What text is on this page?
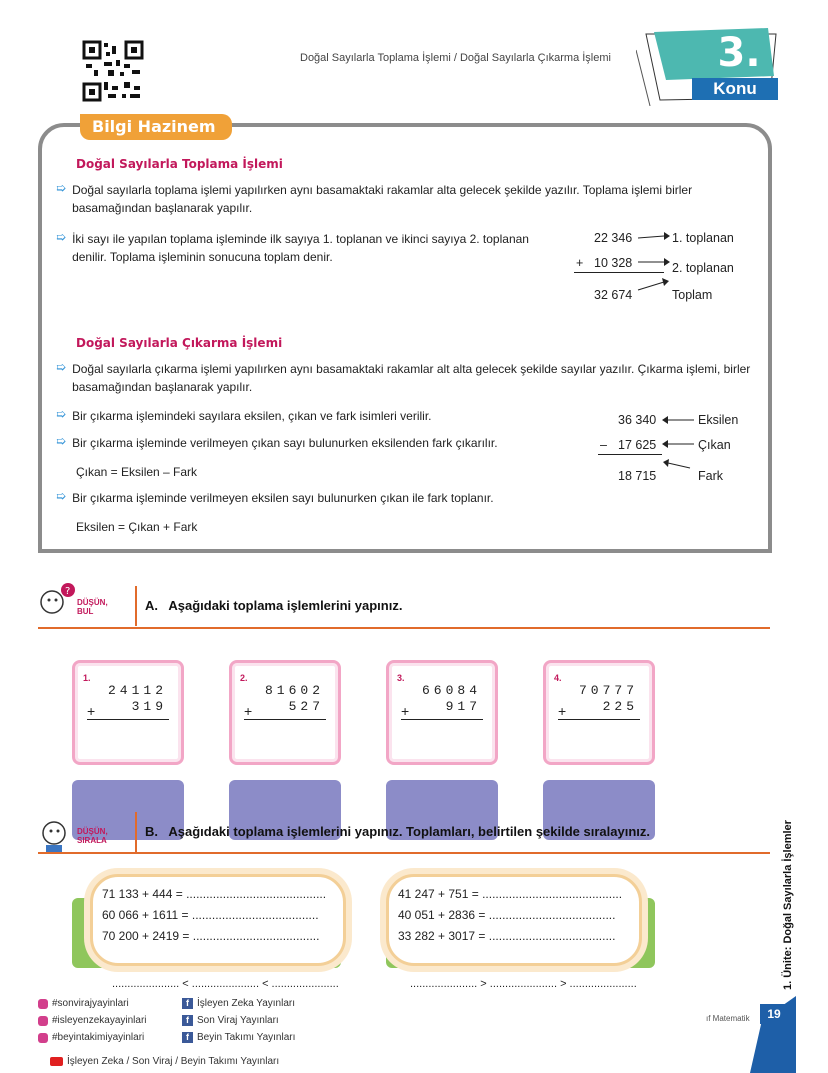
Doğal Sayılarla Toplama İşlemi / Doğal Sayılarla Çıkarma İşlemi	3.
Konu
Bilgi Hazinem
Doğal Sayılarla Toplama İşlemi
➯ Doğal sayılarla toplama işlemi yapılırken aynı basamaktaki rakamlar alta gelecek şekilde yazılır. Toplama işlemi birler basamağından başlanarak yapılır.
➯ İki sayı ile yapılan toplama işleminde ilk sayıya 1. toplanan ve ikinci sayıya 2. toplanan denilir. Toplama işleminin sonucuna toplam denir.
22 346
+ 10 328
32 674
1. toplanan
2. toplanan
Toplam
Doğal Sayılarla Çıkarma İşlemi
➯ Doğal sayılarla çıkarma işlemi yapılırken aynı basamaktaki rakamlar alt alta gelecek şekilde sayılar yazılır. Çıkarma işlemi, birler basamağından başlanarak yapılır.
➯ Bir çıkarma işlemindeki sayılara eksilen, çıkan ve fark isimleri verilir.
➯ Bir çıkarma işleminde verilmeyen çıkan sayı bulunurken eksilenden fark çıkarılır.
Çıkan = Eksilen – Fark
➯ Bir çıkarma işleminde verilmeyen eksilen sayı bulunurken çıkan ile fark toplanır.
Eksilen = Çıkan + Fark
36 340
– 17 625
18 715
Eksilen
Çıkan
Fark
?
DÜŞÜN, BUL	A.   Aşağıdaki toplama işlemlerini yapınız.
1.
24112
319
+
2.
81602
527
+
3.
66084
917
+
4.
70777
225
+
DÜŞÜN, SIRALA
B.   Aşağıdaki toplama işlemlerini yapınız. Toplamları, belirtilen şekilde sıralayınız.
71 133 + 444 = ..........................................
60 066 + 1611 = ......................................
70 200 + 2419 = ......................................
41 247 + 751 = ..........................................
40 051 + 2836 = ......................................
33 282 + 3017 = ......................................
...................... < ...................... < ......................	...................... > ...................... > ......................
#sonvirajyayinlari
#isleyenzekayayinlari
#beyintakimiyayinlari
f İşleyen Zeka Yayınları
f Son Viraj Yayınları
f Beyin Takımı Yayınları
İşleyen Zeka / Son Viraj / Beyin Takımı Yayınları
ıf Matematik	19
1. Ünite: Doğal Sayılarla İşlemler
